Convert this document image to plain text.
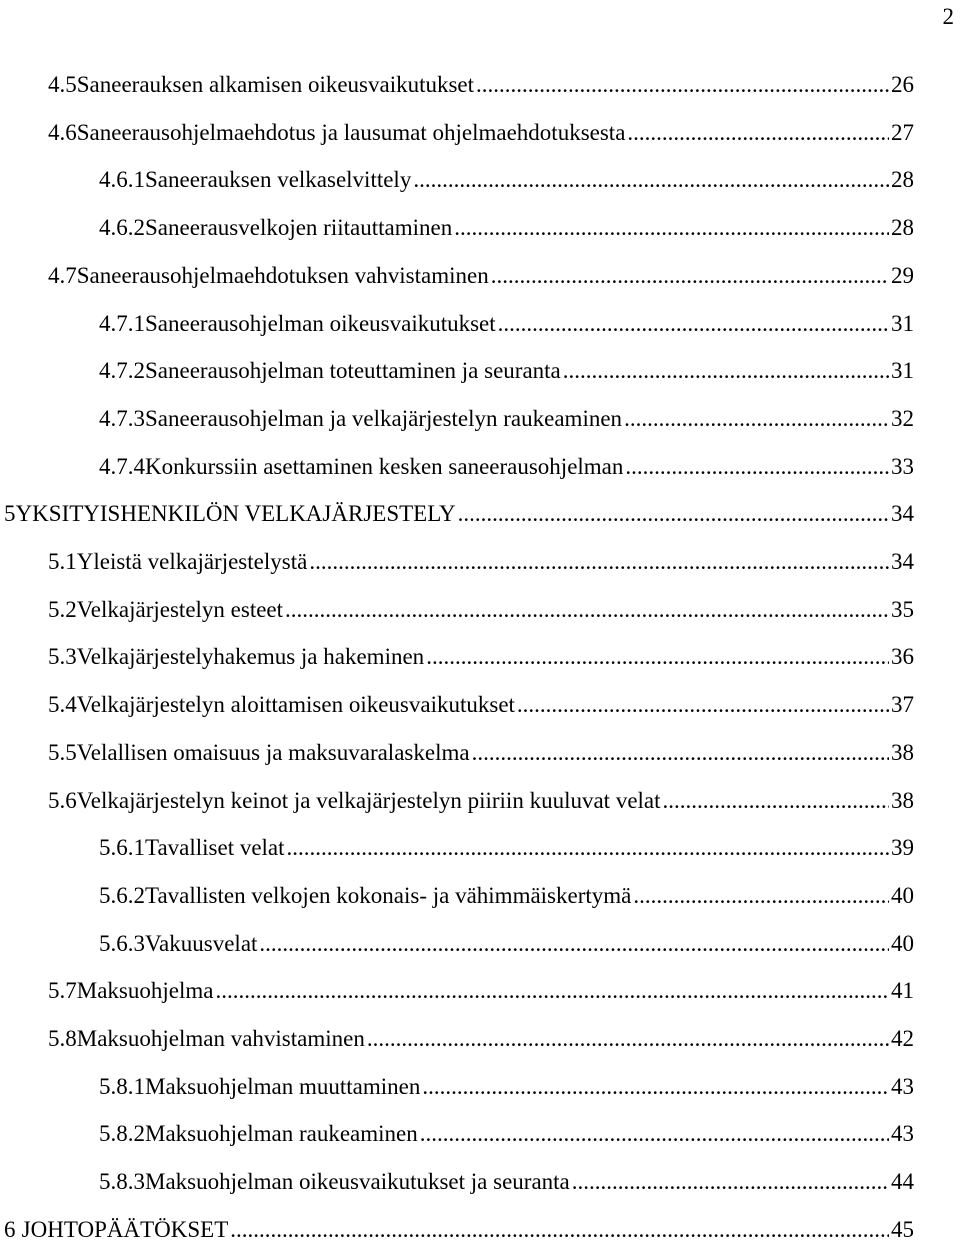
2
4.5 Saneerauksen alkamisen oikeusvaikutukset .....	26
4.6 Saneerausohjelmaehdotus ja lausumat ohjelmaehdotuksesta .....	27
4.6.1 Saneerauksen velkaselvittely .....	28
4.6.2 Saneerausvelkojen riitauttaminen .....	28
4.7 Saneerausohjelmaehdotuksen vahvistaminen .....	29
4.7.1 Saneerausohjelman oikeusvaikutukset .....	31
4.7.2 Saneerausohjelman toteuttaminen ja seuranta .....	31
4.7.3 Saneerausohjelman ja velkajärjestelyn raukeaminen .....	32
4.7.4 Konkurssiin asettaminen kesken saneerausohjelman .....	33
5 YKSITYISHENKILÖN VELKAJÄRJESTELY .....	34
5.1 Yleistä velkajärjestelystä .....	34
5.2 Velkajärjestelyn esteet .....	35
5.3 Velkajärjestelyhakemus ja hakeminen .....	36
5.4 Velkajärjestelyn aloittamisen oikeusvaikutukset .....	37
5.5 Velallisen omaisuus ja maksuvaralaskelma .....	38
5.6 Velkajärjestelyn keinot ja velkajärjestelyn piiriin kuuluvat velat .....	38
5.6.1 Tavalliset velat .....	39
5.6.2 Tavallisten velkojen kokonais- ja vähimmäiskertymä .....	40
5.6.3 Vakuusvelat .....	40
5.7 Maksuohjelma .....	41
5.8 Maksuohjelman vahvistaminen .....	42
5.8.1 Maksuohjelman muuttaminen .....	43
5.8.2 Maksuohjelman raukeaminen .....	43
5.8.3 Maksuohjelman oikeusvaikutukset ja seuranta .....	44
6 JOHTOPÄÄTÖKSET .....	45
